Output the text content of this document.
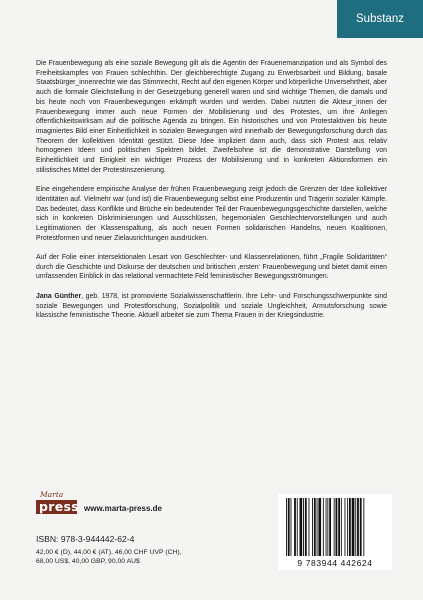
Substanz

Die Frauenbewegung als eine soziale Bewegung gilt als die Agentin der Frauenemanzipation und als Symbol des Freiheitskampfes von Frauen schlechthin. Der gleichberechtigte Zugang zu Erwerbsarbeit und Bildung, basale Staatsbürger_innenrechte wie das Stimmrecht, Recht auf den eigenen Körper und körperliche Unversehrtheit, aber auch die formale Gleichstellung in der Gesetzgebung generell waren und sind wichtige Themen, die damals und bis heute noch von Frauenbewegungen erkämpft wurden und werden. Dabei nutzten die Akteur_innen der Frauenbewegung immer auch neue Formen der Mobilisierung und des Protestes, um ihre Anliegen öffentlichkeitswirksam auf die politische Agenda zu bringen. Ein historisches und von Protestaktiven bis heute imaginiertes Bild einer Einheitlichkeit in sozialen Bewegungen wird innerhalb der Bewegungsforschung durch das Theorem der kollektiven Identität gestützt. Diese Idee impliziert dann auch, dass sich Protest aus relativ homogenen Ideen und politischen Spektren bildet. Zweifelsohne ist die demonstrative Darstellung von Einheitlichkeit und Einigkeit ein wichtiger Prozess der Mobilisierung und in konkreten Aktionsformen ein stilistisches Mittel der Protestinszenierung.

Eine eingehendere empirische Analyse der frühen Frauenbewegung zeigt jedoch die Grenzen der Idee kollektiver Identitäten auf. Vielmehr war (und ist) die Frauenbewegung selbst eine Produzentin und Trägerin sozialer Kämpfe. Das bedeutet, dass Konflikte und Brüche ein bedeutender Teil der Frauenbewegungsgeschichte darstellen, welche sich in konkreten Diskriminierungen und Ausschlüssen, hegemonialen Geschlechtervorstellungen und auch Legitimationen der Klassenspaltung, als auch neuen Formen solidarischen Handelns, neuen Koalitionen, Protestformen und neuer Zielausrichtungen ausdrücken.

Auf der Folie einer intersektionalen Lesart von Geschlechter- und Klassenrelationen, führt „Fragile Solidaritäten“ durch die Geschichte und Diskurse der deutschen und britischen ‚ersten‘ Frauenbewegung und bietet damit einen umfassenden Einblick in das relational vermachtete Feld feministischer Bewegungsströmungen.

Jana Günther, geb. 1978, ist promovierte Sozialwissenschaftlerin. Ihre Lehr- und Forschungsschwerpunkte sind soziale Bewegungen und Protestforschung, Sozialpolitik und soziale Ungleichheit, Armutsforschung sowie klassische feministische Theorie. Aktuell arbeitet sie zum Thema Frauen in der Kriegsindustrie.

Marta
press www.marta-press.de
ISBN: 978-3-944442-62-4
42,00 € (D), 44,00 € (AT), 46,00 CHF UVP (CH),
68,00 US$, 40,00 GBP, 90,00 AU$	9 783944 442624
